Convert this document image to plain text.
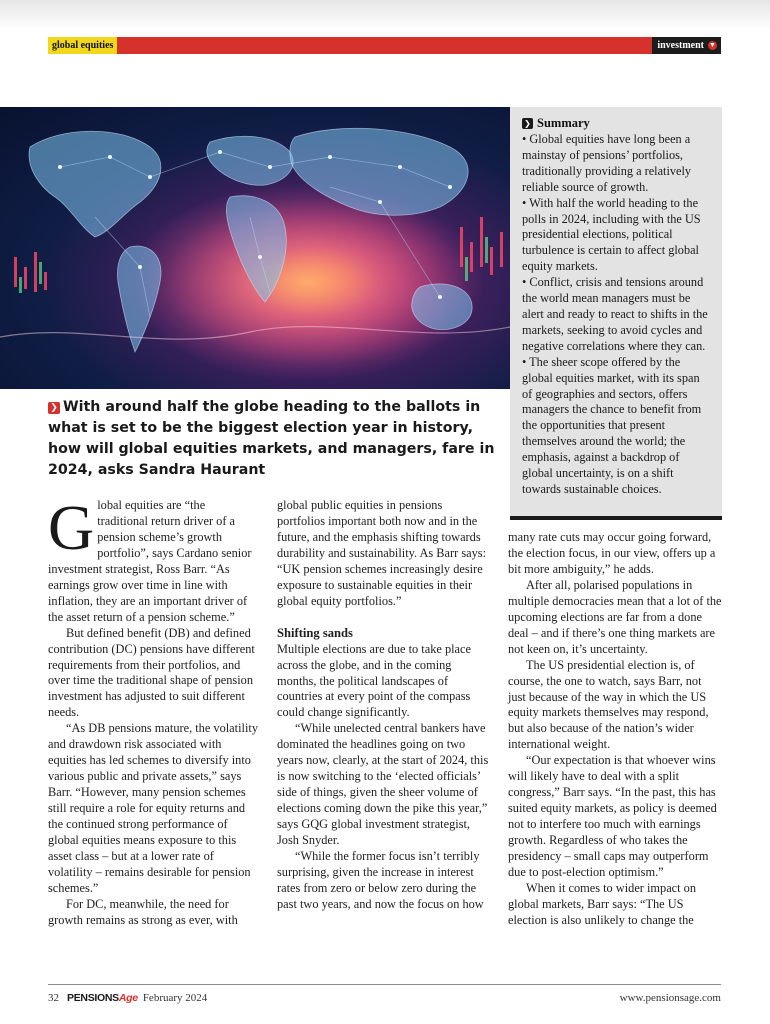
global equities	investment ▼
❯ Summary

• Global equities have long been a mainstay of pensions’ portfolios, traditionally providing a relatively reliable source of growth.

• With half the world heading to the polls in 2024, including with the US presidential elections, political turbulence is certain to affect global equity markets.

• Conflict, crisis and tensions around the world mean managers must be alert and ready to react to shifts in the markets, seeking to avoid cycles and negative correlations where they can.

• The sheer scope offered by the global equities market, with its span of geographies and sectors, offers managers the chance to benefit from the opportunities that present themselves around the world; the emphasis, against a backdrop of global uncertainty, is on a shift towards sustainable choices.

❯ With around half the globe heading to the ballots in what is set to be the biggest election year in history, how will global equities markets, and managers, fare in 2024, asks Sandra Haurant

Global equities are “the traditional return driver of a pension scheme’s growth portfolio”, says Cardano senior investment strategist, Ross Barr. “As earnings grow over time in line with inflation, they are an important driver of the asset return of a pension scheme.”

But defined benefit (DB) and defined contribution (DC) pensions have different requirements from their portfolios, and over time the traditional shape of pension investment has adjusted to suit different needs.

“As DB pensions mature, the volatility and drawdown risk associated with equities has led schemes to diversify into various public and private assets,” says Barr. “However, many pension schemes still require a role for equity returns and the continued strong performance of global equities means exposure to this asset class – but at a lower rate of volatility – remains desirable for pension schemes.”

For DC, meanwhile, the need for growth remains as strong as ever, with

global public equities in pensions portfolios important both now and in the future, and the emphasis shifting towards durability and sustainability. As Barr says: “UK pension schemes increasingly desire exposure to sustainable equities in their global equity portfolios.”

Shifting sands

Multiple elections are due to take place across the globe, and in the coming months, the political landscapes of countries at every point of the compass could change significantly.

“While unelected central bankers have dominated the headlines going on two years now, clearly, at the start of 2024, this is now switching to the ‘elected officials’ side of things, given the sheer volume of elections coming down the pike this year,” says GQG global investment strategist, Josh Snyder.

“While the former focus isn’t terribly surprising, given the increase in interest rates from zero or below zero during the past two years, and now the focus on how

many rate cuts may occur going forward, the election focus, in our view, offers up a bit more ambiguity,” he adds.

After all, polarised populations in multiple democracies mean that a lot of the upcoming elections are far from a done deal – and if there’s one thing markets are not keen on, it’s uncertainty.

The US presidential election is, of course, the one to watch, says Barr, not just because of the way in which the US equity markets themselves may respond, but also because of the nation’s wider international weight.

“Our expectation is that whoever wins will likely have to deal with a split congress,” Barr says. “In the past, this has suited equity markets, as policy is deemed not to interfere too much with earnings growth. Regardless of who takes the presidency – small caps may outperform due to post-election optimism.”

When it comes to wider impact on global markets, Barr says: “The US election is also unlikely to change the

32 PENSIONSAge February 2024	www.pensionsage.com
